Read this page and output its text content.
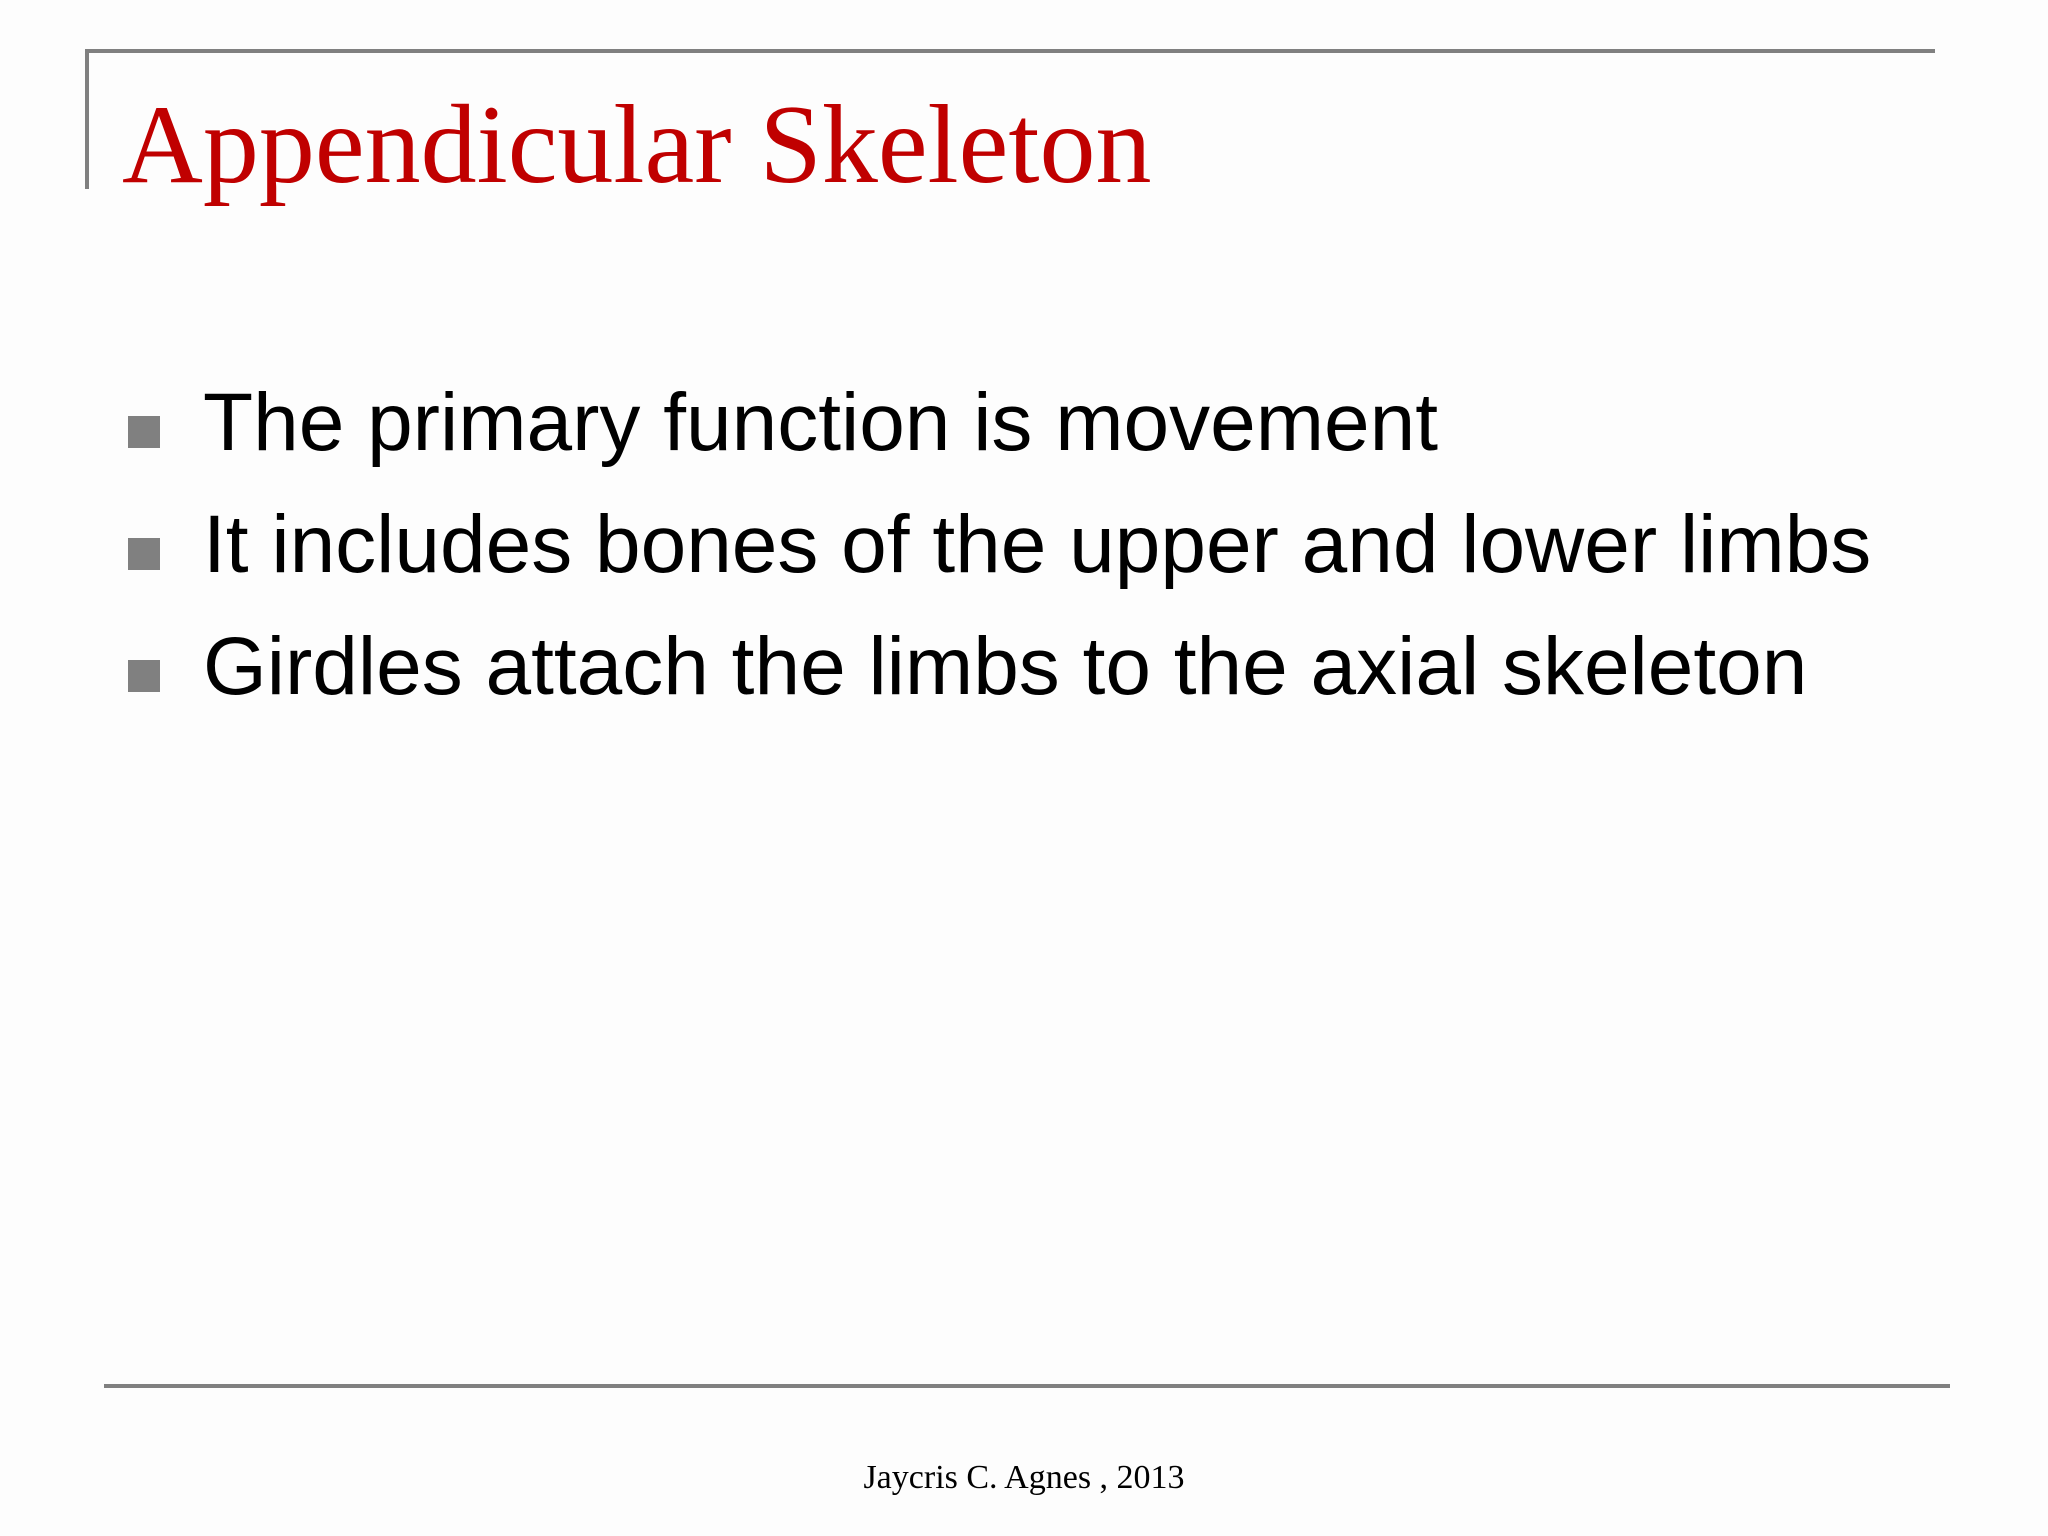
Appendicular Skeleton
The primary function is movement
It includes bones of the upper and lower limbs
Girdles attach the limbs to the axial skeleton
Jaycris C. Agnes , 2013
